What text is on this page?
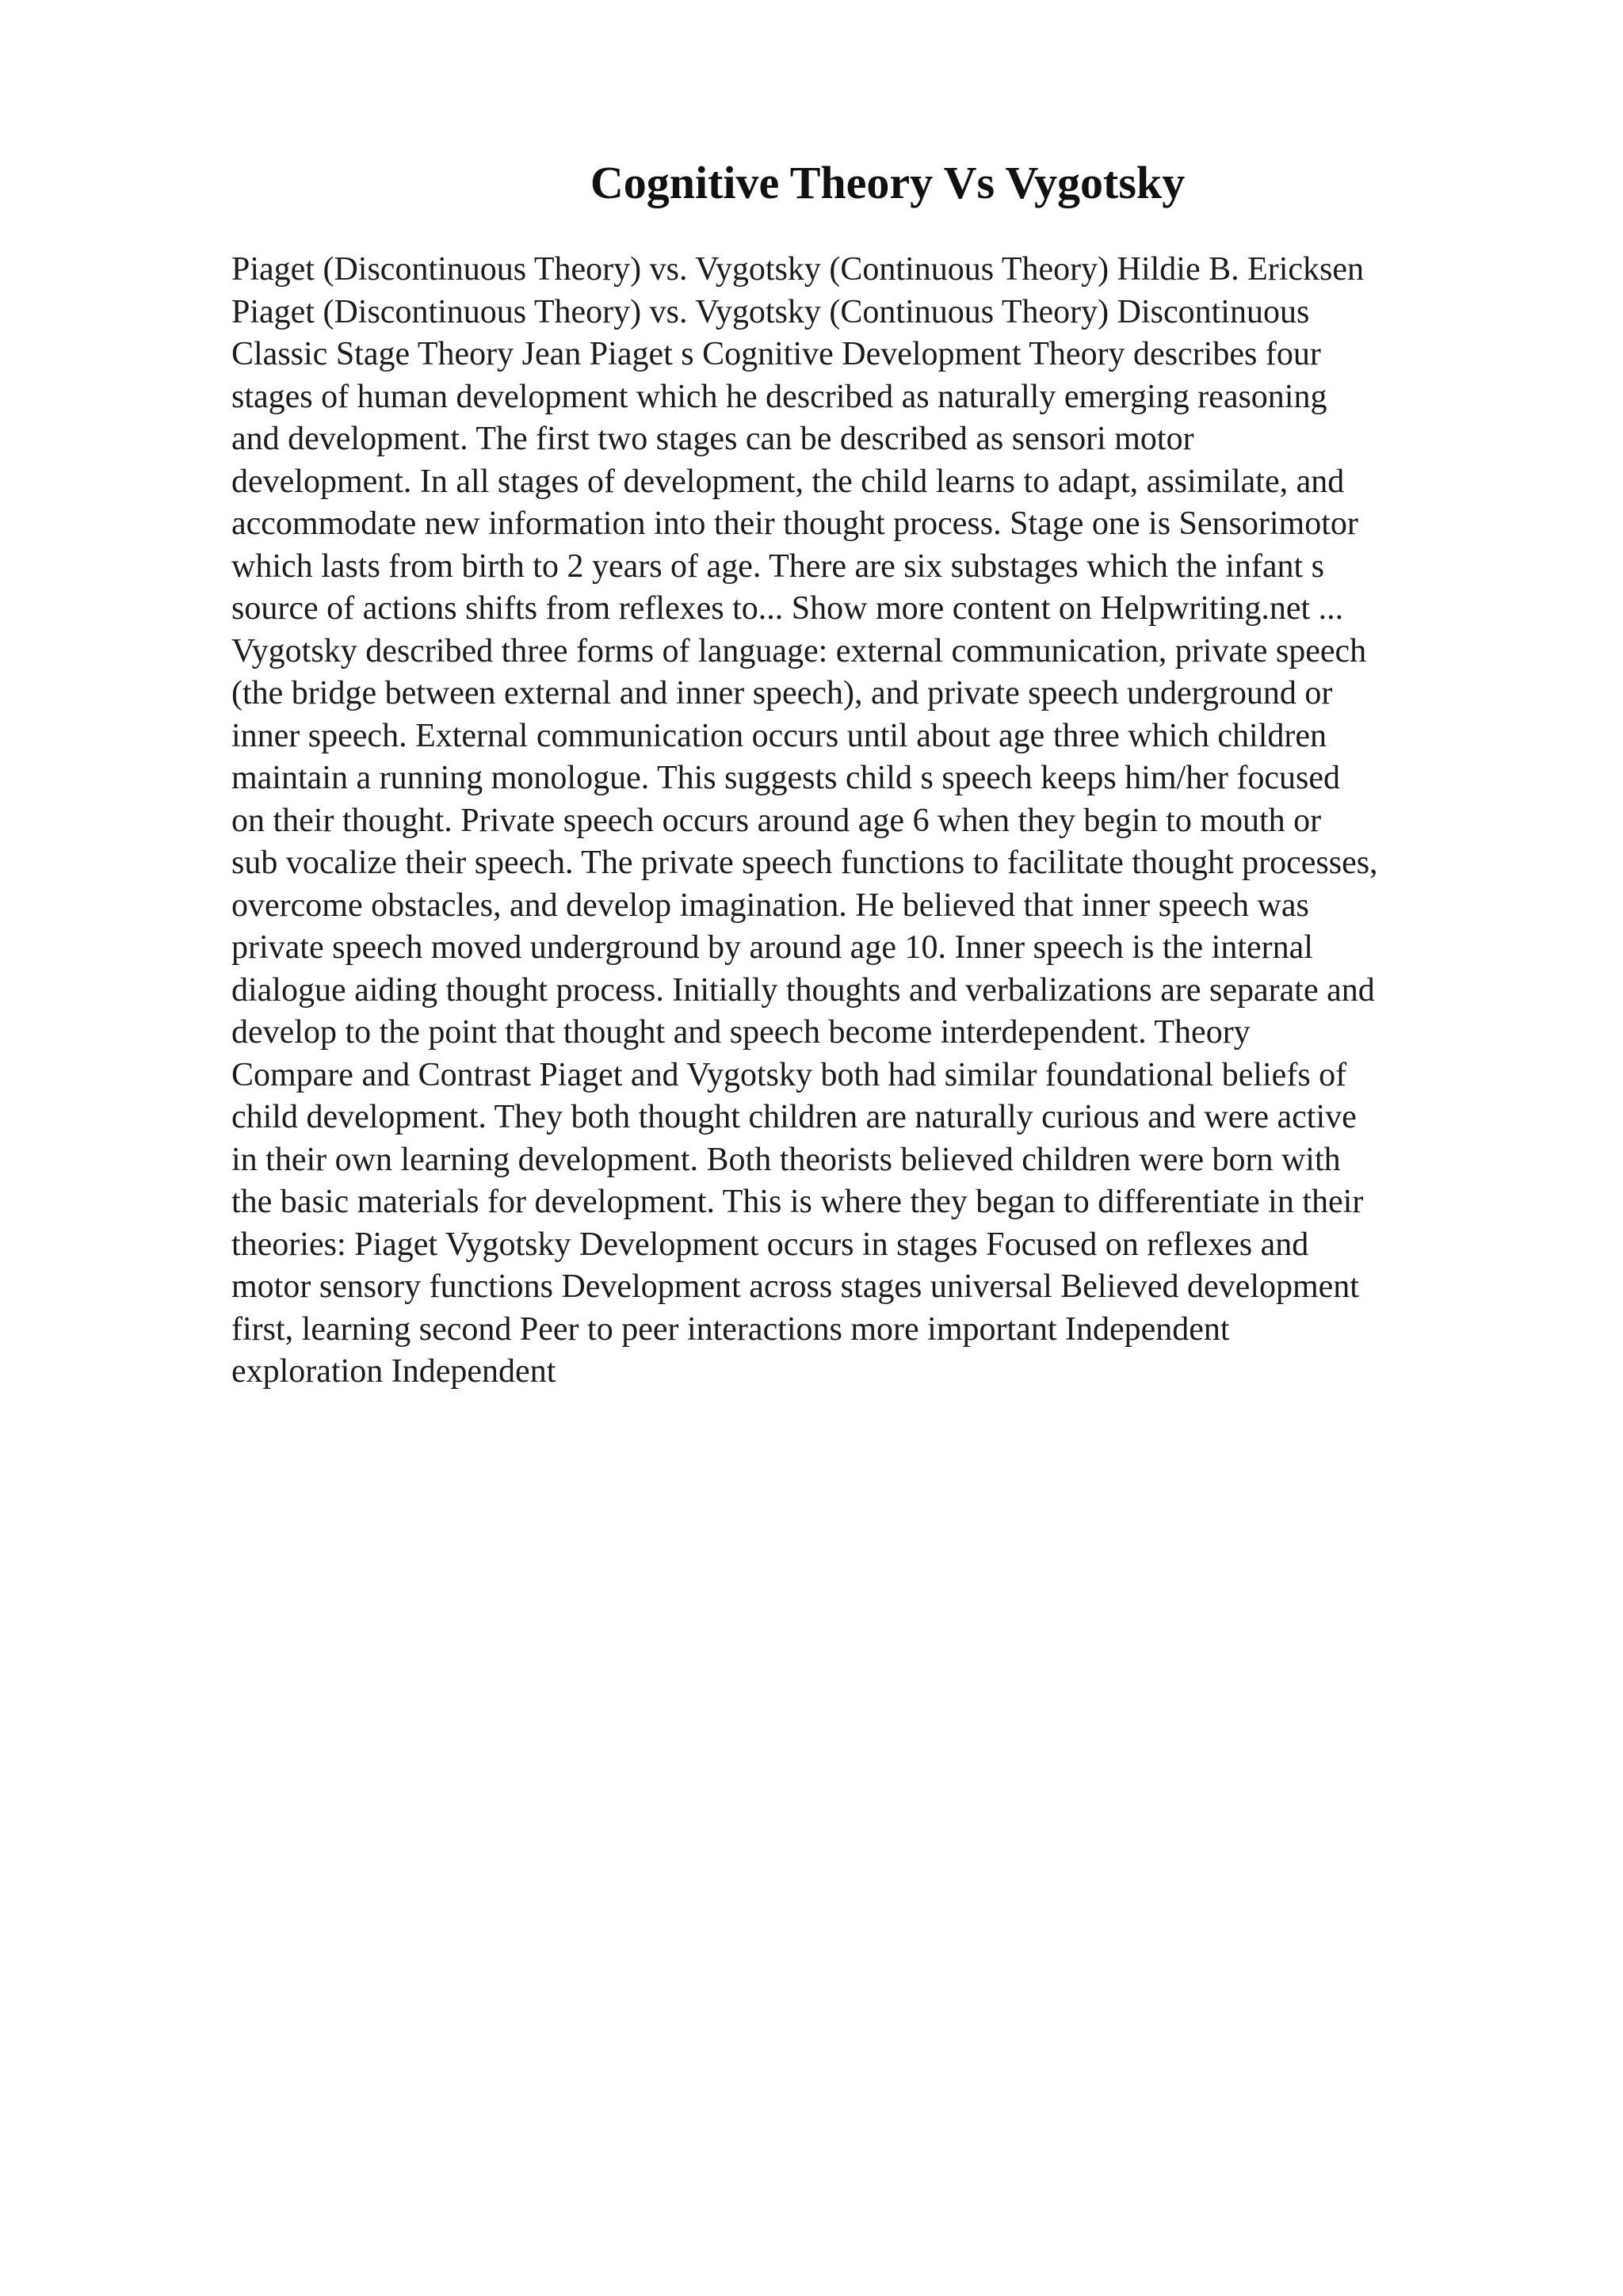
Cognitive Theory Vs Vygotsky
Piaget (Discontinuous Theory) vs. Vygotsky (Continuous Theory) Hildie B. Ericksen
Piaget (Discontinuous Theory) vs. Vygotsky (Continuous Theory) Discontinuous
Classic Stage Theory Jean Piaget s Cognitive Development Theory describes four
stages of human development which he described as naturally emerging reasoning
and development. The first two stages can be described as sensori motor
development. In all stages of development, the child learns to adapt, assimilate, and
accommodate new information into their thought process. Stage one is Sensorimotor
which lasts from birth to 2 years of age. There are six substages which the infant s
source of actions shifts from reflexes to... Show more content on Helpwriting.net ...
Vygotsky described three forms of language: external communication, private speech
(the bridge between external and inner speech), and private speech underground or
inner speech. External communication occurs until about age three which children
maintain a running monologue. This suggests child s speech keeps him/her focused
on their thought. Private speech occurs around age 6 when they begin to mouth or
sub vocalize their speech. The private speech functions to facilitate thought processes,
overcome obstacles, and develop imagination. He believed that inner speech was
private speech moved underground by around age 10. Inner speech is the internal
dialogue aiding thought process. Initially thoughts and verbalizations are separate and
develop to the point that thought and speech become interdependent. Theory
Compare and Contrast Piaget and Vygotsky both had similar foundational beliefs of
child development. They both thought children are naturally curious and were active
in their own learning development. Both theorists believed children were born with
the basic materials for development. This is where they began to differentiate in their
theories: Piaget Vygotsky Development occurs in stages Focused on reflexes and
motor sensory functions Development across stages universal Believed development
first, learning second Peer to peer interactions more important Independent
exploration Independent
